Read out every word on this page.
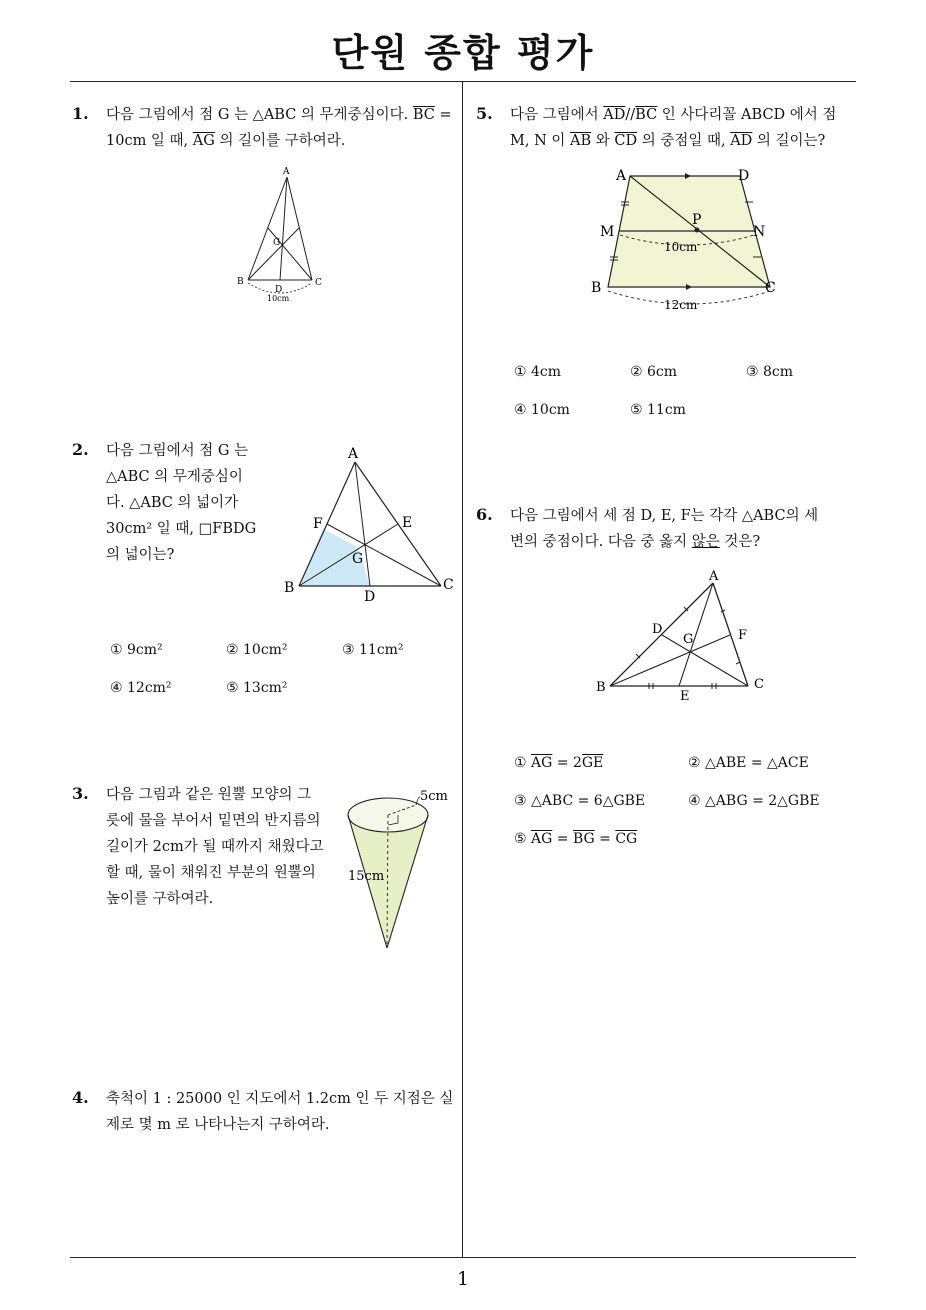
단원 종합 평가
1
1. 다음 그림에서 점 G 는 △ABC 의 무게중심이다. $\overline{BC}$ =
10cm 일 때, $\overline{AG}$ 의 길이를 구하여라.
A
B	C
D
G
10cm
2. 다음 그림에서 점 G 는
△ABC 의 무게중심이
다. △ABC 의 넓이가
30cm² 일 때, □FBDG
의 넓이는?
A
B	C
D
E
F
G
① 9cm²	② 10cm²	③ 11cm²
④ 12cm²	⑤ 13cm²
3. 다음 그림과 같은 원뿔 모양의 그
릇에 물을 부어서 밑면의 반지름의
길이가 2cm가 될 때까지 채웠다고
할 때, 물이 채워진 부분의 원뿔의
높이를 구하여라.
5cm
15cm
4. 축척이 1 : 25000 인 지도에서 1.2cm 인 두 지점은 실
제로 몇 m 로 나타나는지 구하여라.
5. 다음 그림에서 $\overline{AD}//\overline{BC}$ 인 사다리꼴 ABCD 에서 점
M, N 이 $\overline{AB}$ 와 $\overline{CD}$ 의 중점일 때, $\overline{AD}$ 의 길이는?
A	D
M	N
P
B	C
10cm
12cm
① 4cm	② 6cm	③ 8cm
④ 10cm	⑤ 11cm
6. 다음 그림에서 세 점 D, E, F는 각각 △ABC의 세
변의 중점이다. 다음 중 옳지 않은 것은?
A
B	C
D
E
F
G
① $\overline{AG} = 2\overline{GE}$	② △ABE = △ACE
③ △ABC = 6△GBE	④ △ABG = 2△GBE
⑤ $\overline{AG} = \overline{BG} = \overline{CG}$
